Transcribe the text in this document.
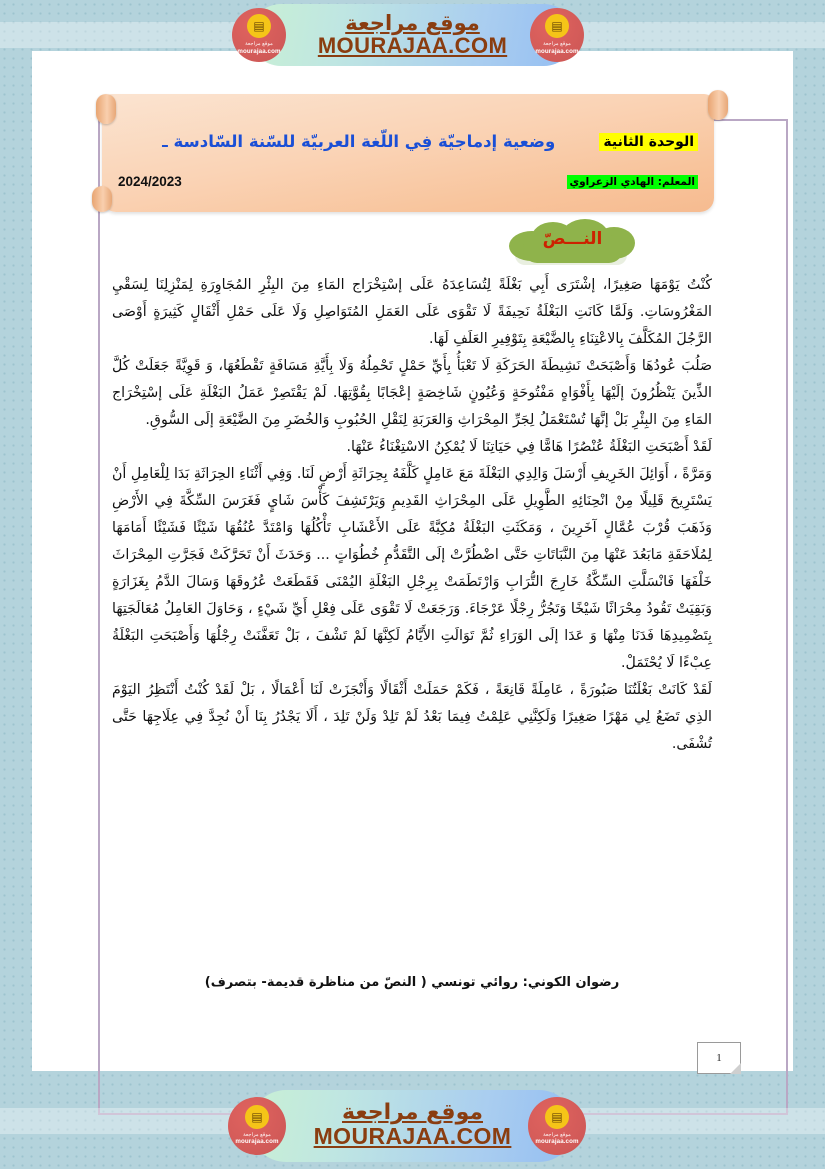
▤
موقع مراجعة
mourajaa.com
موقع مراجعة
MOURAJAA.COM
▤
موقع مراجعة
mourajaa.com
الوحدة الثانية
وضعية إدماجيّة فِي اللّغة العربيّة للسّنة السّادسة ـ
المعلم: الهادي الزعراوي
2024/2023
النـــصّ

كُنْتُ يَوْمَهَا صَغِيرًا، إشْتَرَى أَبِي بَغْلَةً لِتُسَاعِدَهُ عَلَى إسْتِخْرَاج المَاءِ مِنَ البِئْرِ المُجَاوِرَةِ لِمَنْزِلِنَا لِسَقْيِ المَغْرُوسَاتِ. وَلَمَّا كَانَتِ البَغْلَةُ نَحِيفَةً لَا تَقْوَى عَلَى العَمَلِ المُتَوَاصِلِ وَلَا عَلَى حَمْلِ أَثْقَالٍ كَثِيرَةٍ أَوْصَى الرَّجُلَ المُكَلَّفَ بِالاعْتِنَاءِ بِالضَّيْعَةِ بِتَوْفِيرِ العَلَفِ لَهَا.

صَلُبَ عُودُهَا وَأَصْبَحَتْ نَشِيطَةَ الحَرَكَةِ لَا تَعْبَأُ بِأَيِّ حَمْلٍ تَحْمِلُهُ وَلَا بِأَيَّةِ مَسَافَةٍ تَقْطَعُهَا، وَ قَوِيَّةً جَعَلَتْ كُلَّ الذِّينَ يَنْظُرُونَ إلَيْهَا بِأَفْوَاهٍ مَفْتُوحَةٍ وَعُيُونٍ شَاخِصَةٍ إعْجَابًا بِقُوَّتِهَا. لَمْ يَقْتَصِرْ عَمَلُ البَغْلَةِ عَلَى إسْتِخْرَاج المَاءِ مِنَ البِئْرِ بَلْ إنَّهَا تُسْتَعْمَلُ لِجَرِّ المِحْرَاثِ وَالعَرَبَةِ لِنَقْلِ الحُبُوبِ وَالخُضَرِ مِنَ الضَّيْعَةِ إلَى السُّوقِ.

لَقَدْ أَصْبَحَتِ البَغْلَةُ عُنْصُرًا هَامًّا فِي حَيَاتِنَا لَا يُمْكِنُ الاسْتِغْنَاءُ عَنْهَا.

وَمَرَّةً ، أَوَائِلَ الخَرِيفِ أَرْسَلَ وَالِدِي البَغْلَةَ مَعَ عَامِلٍ كَلَّفَهُ بِحِرَاثَةِ أَرْضٍ لَنَا. وَفِي أَثْنَاءِ الحِرَاثَةِ بَدَا لِلْعَامِلِ أَنْ يَسْتَرِيحَ قَلِيلًا مِنْ انْحِنَائِهِ الطَّوِيلِ عَلَى المِحْرَاثِ القَدِيمِ وَيَرْتَشِفَ كَأْسَ شَايٍ فَغَرَسَ السِّكَّةَ فِي الأَرْضِ وَذَهَبَ قُرْبَ عُمَّالٍ آخَرِينَ ، وَمَكَثَتِ البَغْلَةُ مُكِبَّةً عَلَى الأَعْشَابِ تَأْكُلُهَا وَامْتَدَّ عُنُقُهَا شَيْئًا فَشَيْئًا أَمَامَهَا لِمُلَاحَقَةِ مَابَعُدَ عَنْهَا مِنَ النَّبَاتَاتِ حَتَّى اضْطُرَّتْ إلَى التَّقَدُّمِ خُطُوَاتٍ ... وَحَدَثَ أَنْ تَحَرَّكَتْ فَجَرَّتِ المِحْرَاثَ خَلْفَهَا فَانْسَلَّتِ السِّكَّةُ خَارِجَ التُّرَابِ وَارْتَطَمَتْ بِرِجْلِ البَغْلَةِ اليُمْنَى فَقَطَعَتْ عُرُوقَهَا وَسَالَ الدَّمُ بِغَزَارَةٍ وَبَقِيَتْ تَقُودُ مِحْرَاثًا شَيْخًا وَتَجُرُّ رِجْلًا عَرْجَاءَ. وَرَجَعَتْ لَا تَقْوَى عَلَى فِعْلِ أَيِّ شَيْءٍ ، وَحَاوَلَ العَامِلُ مُعَالَجَتِهَا بِتَضْمِيدِهَا فَدَنَا مِنْهَا وَ عَدَا إلَى الوَرَاءِ ثُمَّ تَوَالَتِ الأَيَّامُ لَكِنَّهَا لَمْ تَشْفَ ، بَلْ تَعَفَّنَتْ رِجْلُهَا وَأَصْبَحَتِ البَغْلَةُ عِبْءًا لَا يُحْتَمَلْ.

لَقَدْ كَانَتْ بَغْلَتُنَا صَبُورَةً ، عَامِلَةً قَانِعَةً ، فَكَمْ حَمَلَتْ أَثْقَالًا وَأَنْجَزَتْ لَنَا أَعْمَالًا ، بَلْ لَقَدْ كُنْتُ أَنْتَظِرُ اليَوْمَ الذِي تَضَعُ لِي مَهْرًا صَغِيرًا وَلَكِنَّنِي عَلِمْتُ فِيمَا بَعْدُ لَمْ تَلِدْ وَلَنْ تَلِدَ ، أَلَا يَجْدُرُ بِنَا أَنْ نُجِدَّ فِي عِلَاجِهَا حَتَّى تُشْفَى.

رضوان الكوني: روائي تونسي ( النصّ من مناظرة قديمة- بتصرف)
1
▤
موقع مراجعة
mourajaa.com
موقع مراجعة
MOURAJAA.COM
▤
موقع مراجعة
mourajaa.com
